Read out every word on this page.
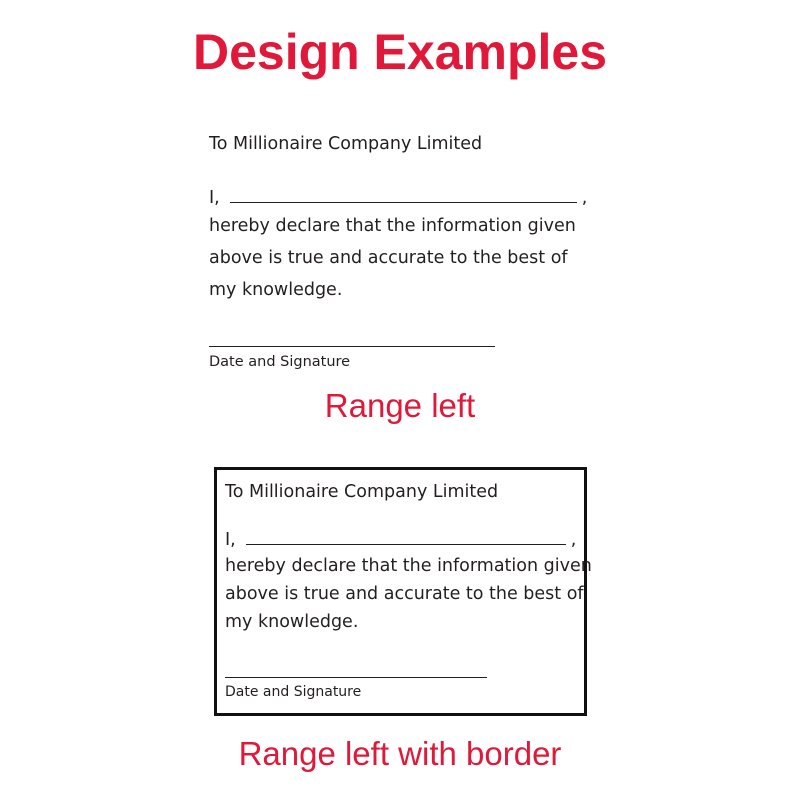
Design Examples
To Millionaire Company Limited
I,	,
hereby declare that the information given
above is true and accurate to the best of
my knowledge.
Date and Signature
Range left
To Millionaire Company Limited
I,	,
hereby declare that the information given
above is true and accurate to the best of
my knowledge.
Date and Signature
Range left with border
